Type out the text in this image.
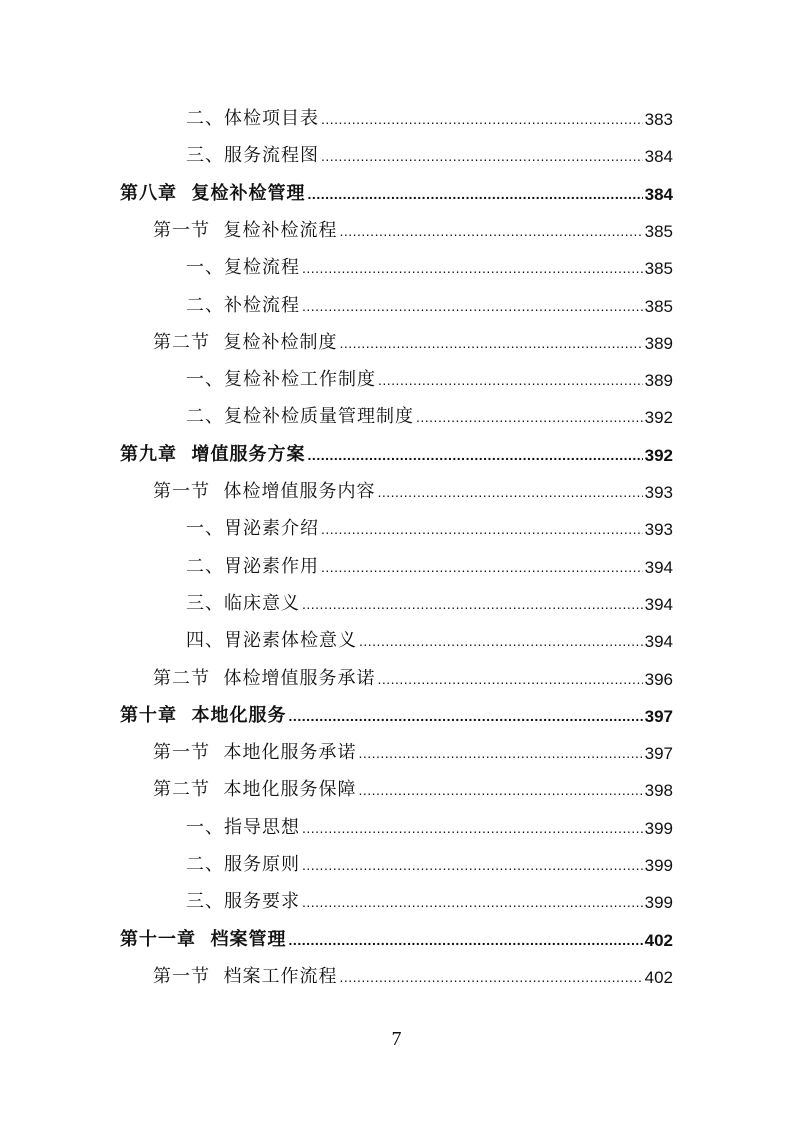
二、体检项目表 .....	383
三、服务流程图 .....	384
第八章  复检补检管理 .....	384
第一节  复检补检流程 .....	385
一、复检流程 .....	385
二、补检流程 .....	385
第二节  复检补检制度 .....	389
一、复检补检工作制度 .....	389
二、复检补检质量管理制度 .....	392
第九章  增值服务方案 .....	392
第一节  体检增值服务内容 .....	393
一、胃泌素介绍 .....	393
二、胃泌素作用 .....	394
三、临床意义 .....	394
四、胃泌素体检意义 .....	394
第二节  体检增值服务承诺 .....	396
第十章  本地化服务 .....	397
第一节  本地化服务承诺 .....	397
第二节  本地化服务保障 .....	398
一、指导思想 .....	399
二、服务原则 .....	399
三、服务要求 .....	399
第十一章  档案管理 .....	402
第一节  档案工作流程 .....	402
7
